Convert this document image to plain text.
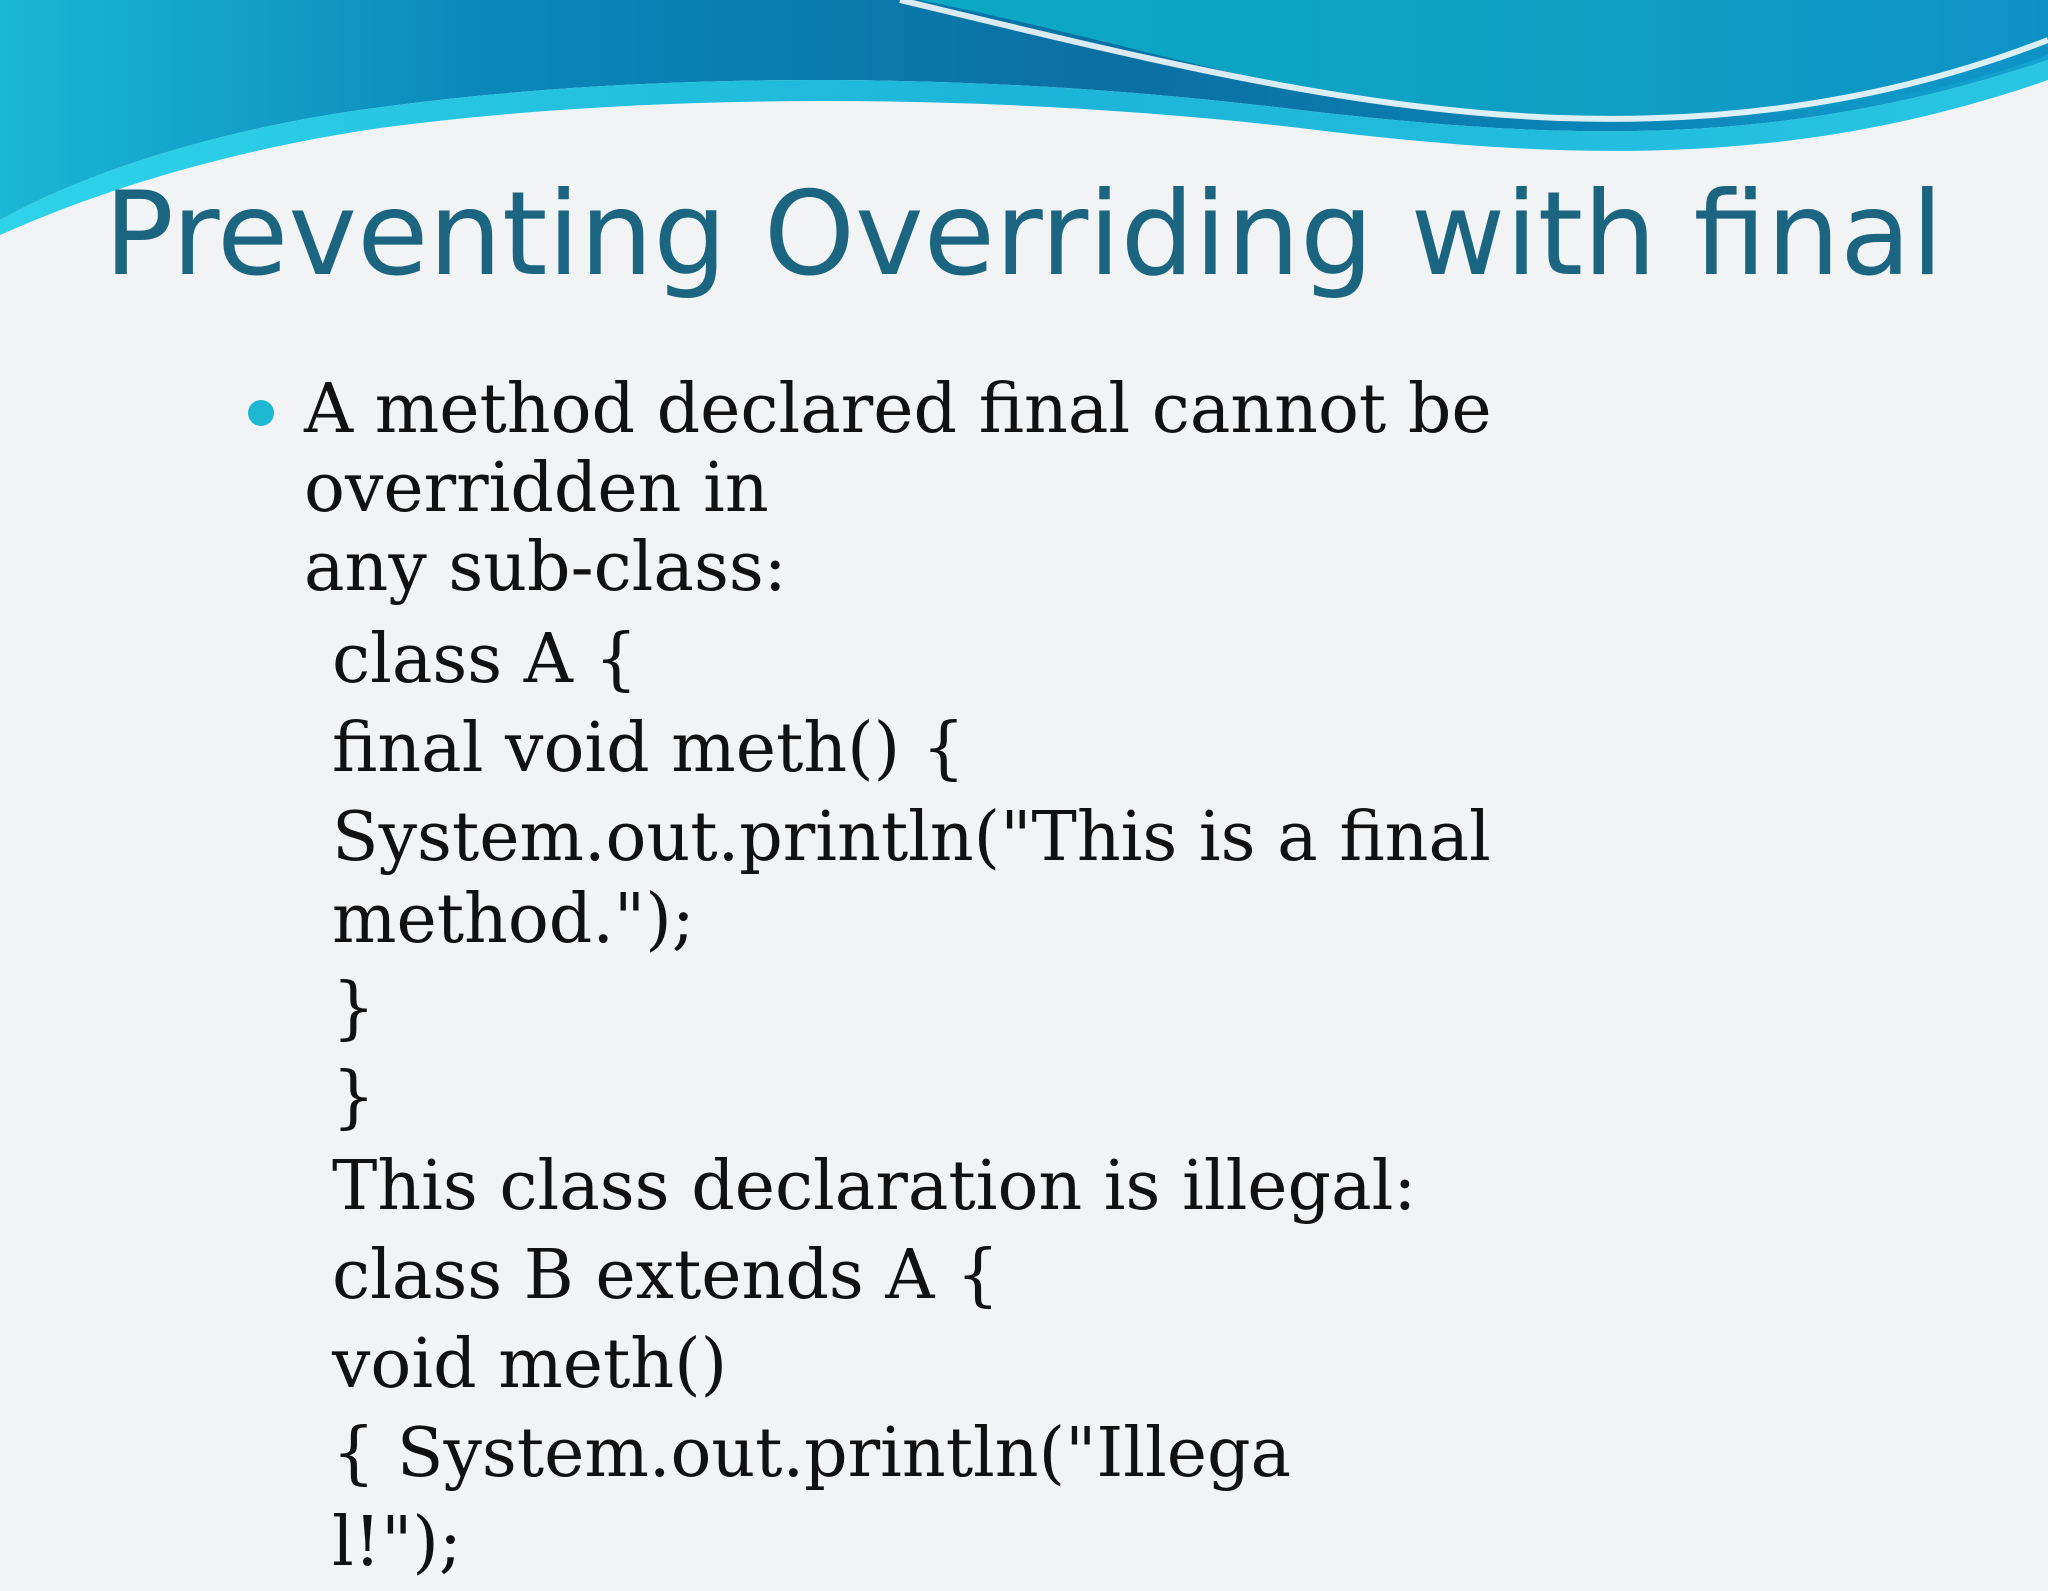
Preventing Overriding with final
A method declared final cannot be
overridden in
any sub-class:
class A {
final void meth() {
System.out.println("This is a final
method.");
}
}
This class declaration is illegal:
class B extends A {
void meth()
{ System.out.println("Illega
l!");
